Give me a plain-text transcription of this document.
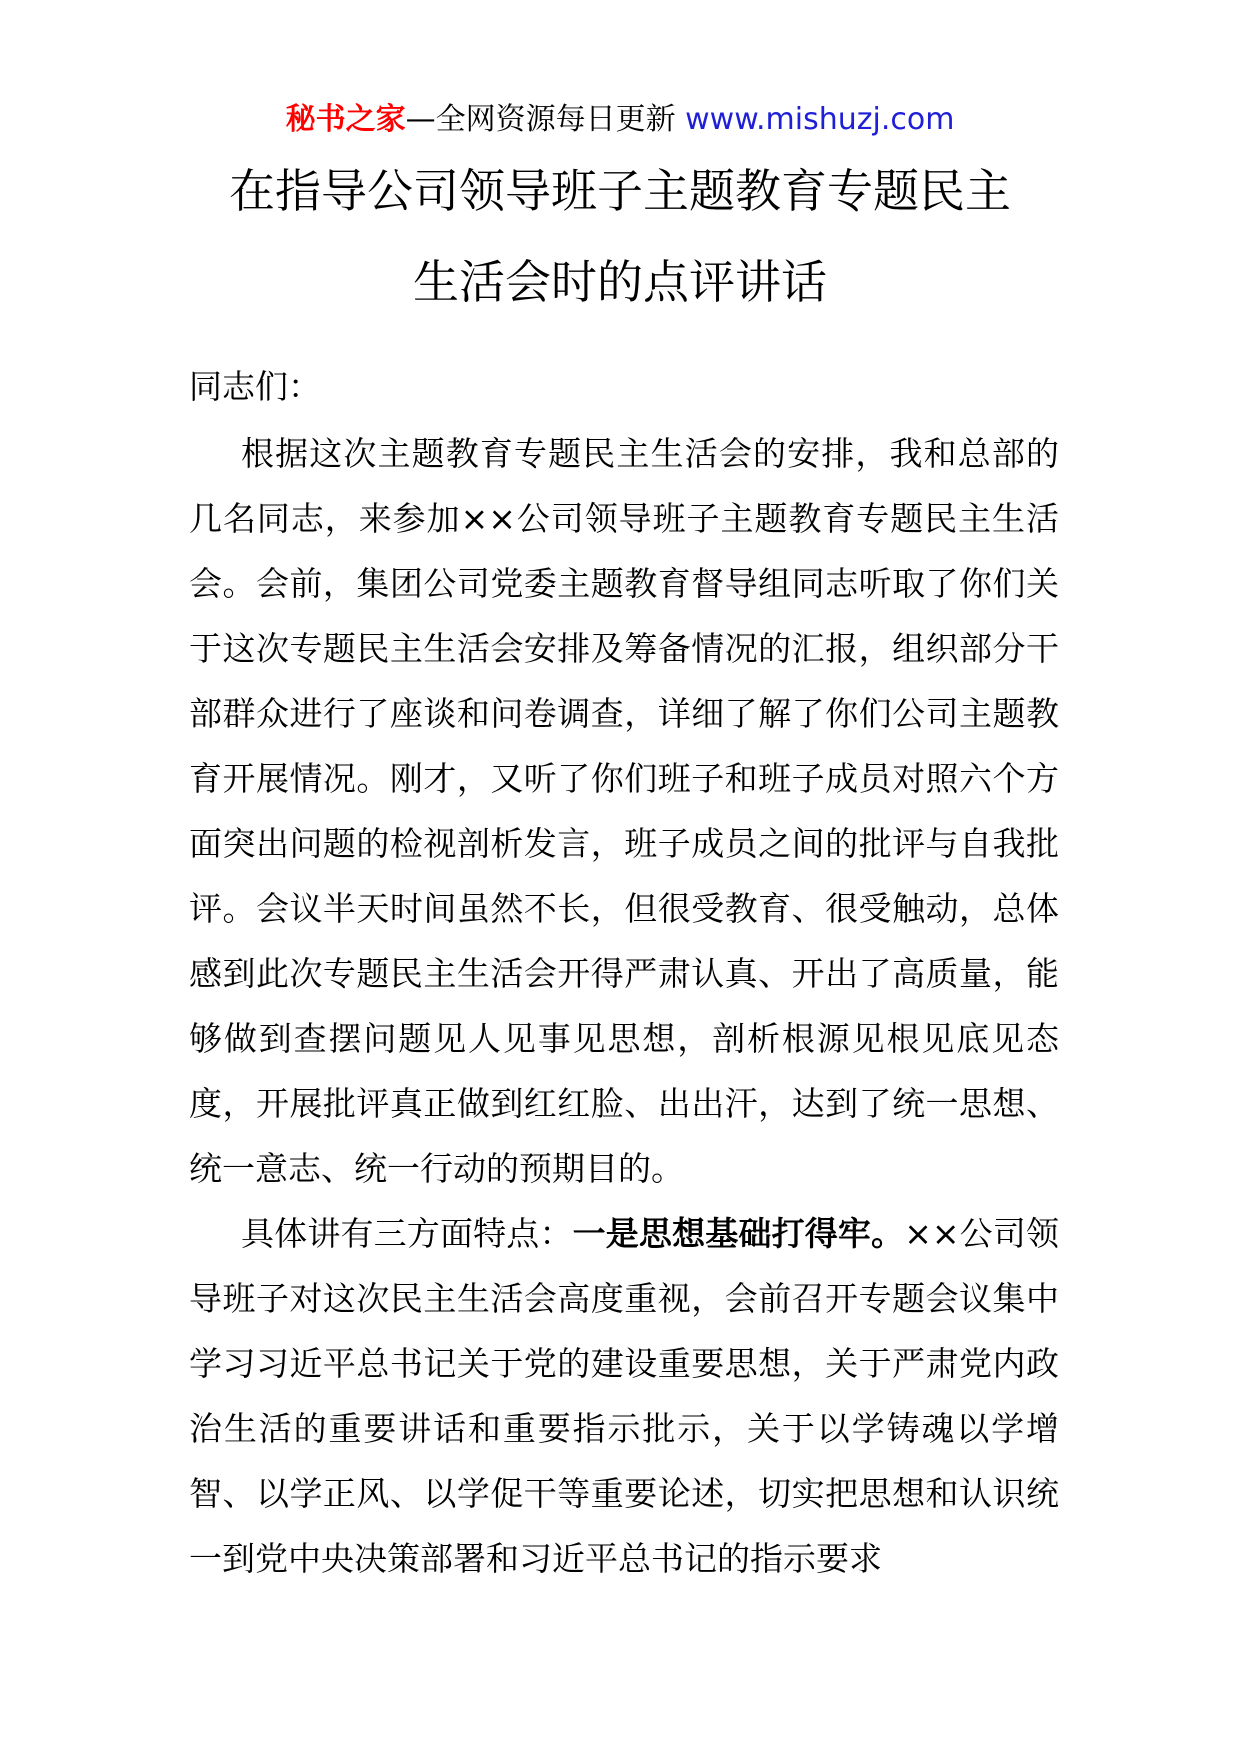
秘书之家—全网资源每日更新 www.mishuzj.com
在指导公司领导班子主题教育专题民主
生活会时的点评讲话

同志们：

根据这次主题教育专题民主生活会的安排，我和总部的几名同志，来参加××公司领导班子主题教育专题民主生活会。会前，集团公司党委主题教育督导组同志听取了你们关于这次专题民主生活会安排及筹备情况的汇报，组织部分干部群众进行了座谈和问卷调查，详细了解了你们公司主题教育开展情况。刚才，又听了你们班子和班子成员对照六个方面突出问题的检视剖析发言，班子成员之间的批评与自我批评。会议半天时间虽然不长，但很受教育、很受触动，总体感到此次专题民主生活会开得严肃认真、开出了高质量，能够做到查摆问题见人见事见思想，剖析根源见根见底见态度，开展批评真正做到红红脸、出出汗，达到了统一思想、统一意志、统一行动的预期目的。

具体讲有三方面特点：一是思想基础打得牢。××公司领导班子对这次民主生活会高度重视，会前召开专题会议集中学习习近平总书记关于党的建设重要思想，关于严肃党内政治生活的重要讲话和重要指示批示，关于以学铸魂以学增智、以学正风、以学促干等重要论述，切实把思想和认识统一到党中央决策部署和习近平总书记的指示要求
